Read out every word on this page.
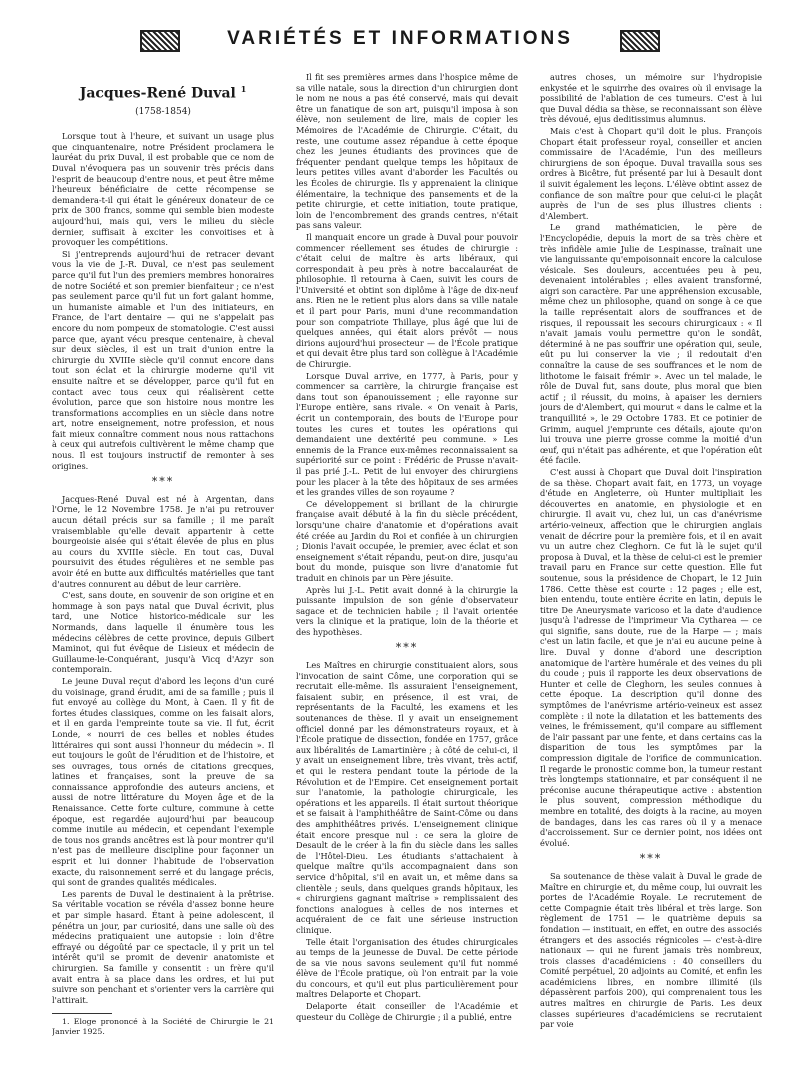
VARIÉTÉS ET INFORMATIONS
Jacques-René Duval $^1$
(1758-1854)

Lorsque tout à l'heure, et suivant un usage plus que cinquantenaire, notre Président proclamera le lauréat du prix Duval, il est probable que ce nom de Duval n'évoquera pas un souvenir très précis dans l'esprit de beaucoup d'entre nous, et peut être même l'heureux bénéficiaire de cette récompense se demandera-t-il qui était le généreux donateur de ce prix de 300 francs, somme qui semble bien modeste aujourd'hui, mais qui, vers le milieu du siècle dernier, suffisait à exciter les convoitises et à provoquer les compétitions.

Si j'entreprends aujourd'hui de retracer devant vous la vie de J.-R. Duval, ce n'est pas seulement parce qu'il fut l'un des premiers membres honoraires de notre Société et son premier bienfaiteur ; ce n'est pas seulement parce qu'il fut un fort galant homme, un humaniste aimable et l'un des initiateurs, en France, de l'art dentaire — qui ne s'appelait pas encore du nom pompeux de stomatologie. C'est aussi parce que, ayant vécu presque centenaire, à cheval sur deux siècles, il est un trait d'union entre la chirurgie du XVIIIe siècle qu'il connut encore dans tout son éclat et la chirurgie moderne qu'il vit ensuite naître et se développer, parce qu'il fut en contact avec tous ceux qui réalisèrent cette évolution, parce que son histoire nous montre les transformations accomplies en un siècle dans notre art, notre enseignement, notre profession, et nous fait mieux connaître comment nous nous rattachons à ceux qui autrefois cultivèrent le même champ que nous. Il est toujours instructif de remonter à ses origines.

***

Jacques-René Duval est né à Argentan, dans l'Orne, le 12 Novembre 1758. Je n'ai pu retrouver aucun détail précis sur sa famille ; il me paraît vraisemblable qu'elle devait appartenir à cette bourgeoisie aisée qui s'était élevée de plus en plus au cours du XVIIIe siècle. En tout cas, Duval poursuivit des études régulières et ne semble pas avoir été en butte aux difficultés matérielles que tant d'autres connurent au début de leur carrière.

C'est, sans doute, en souvenir de son origine et en hommage à son pays natal que Duval écrivit, plus tard, une Notice historico-médicale sur les Normands, dans laquelle il énumère tous les médecins célèbres de cette province, depuis Gilbert Maminot, qui fut évêque de Lisieux et médecin de Guillaume-le-Conquérant, jusqu'à Vicq d'Azyr son contemporain.

Le jeune Duval reçut d'abord les leçons d'un curé du voisinage, grand érudit, ami de sa famille ; puis il fut envoyé au collège du Mont, à Caen. Il y fit de fortes études classiques, comme on les faisait alors, et il en garda l'empreinte toute sa vie. Il fut, écrit Londe, « nourri de ces belles et nobles études littéraires qui sont aussi l'honneur du médecin ». Il eut toujours le goût de l'érudition et de l'histoire, et ses ouvrages, tous ornés de citations grecques, latines et françaises, sont la preuve de sa connaissance approfondie des auteurs anciens, et aussi de notre littérature du Moyen âge et de la Renaissance. Cette forte culture, commune à cette époque, est regardée aujourd'hui par beaucoup comme inutile au médecin, et cependant l'exemple de tous nos grands ancêtres est là pour montrer qu'il n'est pas de meilleure discipline pour façonner un esprit et lui donner l'habitude de l'observation exacte, du raisonnement serré et du langage précis, qui sont de grandes qualités médicales.

Les parents de Duval le destinaient à la prêtrise. Sa véritable vocation se révéla d'assez bonne heure et par simple hasard. Étant à peine adolescent, il pénétra un jour, par curiosité, dans une salle où des médecins pratiquaient une autopsie : loin d'être effrayé ou dégoûté par ce spectacle, il y prit un tel intérêt qu'il se promit de devenir anatomiste et chirurgien. Sa famille y consentit : un frère qu'il avait entra à sa place dans les ordres, et lui put suivre son penchant et s'orienter vers la carrière qui l'attirait.

1. Eloge prononcé à la Société de Chirurgie le 21 Janvier 1925.

Il fit ses premières armes dans l'hospice même de sa ville natale, sous la direction d'un chirurgien dont le nom ne nous a pas été conservé, mais qui devait être un fanatique de son art, puisqu'il imposa à son élève, non seulement de lire, mais de copier les Mémoires de l'Académie de Chirurgie. C'était, du reste, une coutume assez répandue à cette époque chez les jeunes étudiants des provinces que de fréquenter pendant quelque temps les hôpitaux de leurs petites villes avant d'aborder les Facultés ou les Écoles de chirurgie. Ils y apprenaient la clinique élémentaire, la technique des pansements et de la petite chirurgie, et cette initiation, toute pratique, loin de l'encombrement des grands centres, n'était pas sans valeur.

Il manquait encore un grade à Duval pour pouvoir commencer réellement ses études de chirurgie : c'était celui de maître ès arts libéraux, qui correspondait à peu près à notre baccalauréat de philosophie. Il retourna à Caen, suivit les cours de l'Université et obtint son diplôme à l'âge de dix-neuf ans. Rien ne le retient plus alors dans sa ville natale et il part pour Paris, muni d'une recommandation pour son compatriote Thillaye, plus âgé que lui de quelques années, qui était alors prévôt — nous dirions aujourd'hui prosecteur — de l'École pratique et qui devait être plus tard son collègue à l'Académie de Chirurgie.

Lorsque Duval arrive, en 1777, à Paris, pour y commencer sa carrière, la chirurgie française est dans tout son épanouissement ; elle rayonne sur l'Europe entière, sans rivale. « On venait à Paris, écrit un contemporain, des bouts de l'Europe pour toutes les cures et toutes les opérations qui demandaient une dextérité peu commune. » Les ennemis de la France eux-mêmes reconnaissaient sa supériorité sur ce point : Frédéric de Prusse n'avait-il pas prié J.-L. Petit de lui envoyer des chirurgiens pour les placer à la tête des hôpitaux de ses armées et les grandes villes de son royaume ?

Ce développement si brillant de la chirurgie française avait débuté à la fin du siècle précédent, lorsqu'une chaire d'anatomie et d'opérations avait été créée au Jardin du Roi et confiée à un chirurgien ; Dionis l'avait occupée, le premier, avec éclat et son enseignement s'était répandu, peut-on dire, jusqu'au bout du monde, puisque son livre d'anatomie fut traduit en chinois par un Père jésuite.

Après lui J.-L. Petit avait donné à la chirurgie la puissante impulsion de son génie d'observateur sagace et de technicien habile ; il l'avait orientée vers la clinique et la pratique, loin de la théorie et des hypothèses.

***

Les Maîtres en chirurgie constituaient alors, sous l'invocation de saint Côme, une corporation qui se recrutait elle-même. Ils assuraient l'enseignement, faisaient subir, en présence, il est vrai, de représentants de la Faculté, les examens et les soutenances de thèse. Il y avait un enseignement officiel donné par les démonstrateurs royaux, et à l'École pratique de dissection, fondée en 1757, grâce aux libéralités de Lamartinière ; à côté de celui-ci, il y avait un enseignement libre, très vivant, très actif, et qui le restera pendant toute la période de la Révolution et de l'Empire. Cet enseignement portait sur l'anatomie, la pathologie chirurgicale, les opérations et les appareils. Il était surtout théorique et se faisait à l'amphithéâtre de Saint-Côme ou dans des amphithéâtres privés. L'enseignement clinique était encore presque nul : ce sera la gloire de Desault de le créer à la fin du siècle dans les salles de l'Hôtel-Dieu. Les étudiants s'attachaient à quelque maître qu'ils accompagnaient dans son service d'hôpital, s'il en avait un, et même dans sa clientèle ; seuls, dans quelques grands hôpitaux, les « chirurgiens gagnant maîtrise » remplissaient des fonctions analogues à celles de nos internes et acquéraient de ce fait une sérieuse instruction clinique.

Telle était l'organisation des études chirurgicales au temps de la jeunesse de Duval. De cette période de sa vie nous savons seulement qu'il fut nommé élève de l'École pratique, où l'on entrait par la voie du concours, et qu'il eut plus particulièrement pour maîtres Delaporte et Chopart.

Delaporte était conseiller de l'Académie et questeur du Collège de Chirurgie ; il a publié, entre

autres choses, un mémoire sur l'hydropisie enkystée et le squirrhe des ovaires où il envisage la possibilité de l'ablation de ces tumeurs. C'est à lui que Duval dédia sa thèse, se reconnaissant son élève très dévoué, ejus deditissimus alumnus.

Mais c'est à Chopart qu'il doit le plus. François Chopart était professeur royal, conseiller et ancien commissaire de l'Académie, l'un des meilleurs chirurgiens de son époque. Duval travailla sous ses ordres à Bicêtre, fut présenté par lui à Desault dont il suivit également les leçons. L'élève obtint assez de confiance de son maître pour que celui-ci le plaçât auprès de l'un de ses plus illustres clients : d'Alembert.

Le grand mathématicien, le père de l'Encyclopédie, depuis la mort de sa très chère et très infidèle amie Julie de Lespinasse, traînait une vie languissante qu'empoisonnait encore la calculose vésicale. Ses douleurs, accentuées peu à peu, devenaient intolérables ; elles avaient transformé, aigri son caractère. Par une appréhension excusable, même chez un philosophe, quand on songe à ce que la taille représentait alors de souffrances et de risques, il repoussait les secours chirurgicaux : « Il n'avait jamais voulu permettre qu'on le sondât, déterminé à ne pas souffrir une opération qui, seule, eût pu lui conserver la vie ; il redoutait d'en connaître la cause de ses souffrances et le nom de lithotome le faisait frémir ». Avec un tel malade, le rôle de Duval fut, sans doute, plus moral que bien actif ; il réussit, du moins, à apaiser les derniers jours de d'Alembert, qui mourut « dans le calme et la tranquillité », le 29 Octobre 1783. Et ce potinier de Grimm, auquel j'emprunte ces détails, ajoute qu'on lui trouva une pierre grosse comme la moitié d'un œuf, qui n'était pas adhérente, et que l'opération eût été facile.

C'est aussi à Chopart que Duval doit l'inspiration de sa thèse. Chopart avait fait, en 1773, un voyage d'étude en Angleterre, où Hunter multipliait les découvertes en anatomie, en physiologie et en chirurgie. Il avait vu, chez lui, un cas d'anévrisme artério-veineux, affection que le chirurgien anglais venait de décrire pour la première fois, et il en avait vu un autre chez Cleghorn. Ce fut là le sujet qu'il proposa à Duval, et la thèse de celui-ci est le premier travail paru en France sur cette question. Elle fut soutenue, sous la présidence de Chopart, le 12 Juin 1786. Cette thèse est courte : 12 pages ; elle est, bien entendu, toute entière écrite en latin, depuis le titre De Aneurysmate varicoso et la date d'audience jusqu'à l'adresse de l'imprimeur Via Cytharea — ce qui signifie, sans doute, rue de la Harpe — ; mais c'est un latin facile, et que je n'ai eu aucune peine à lire. Duval y donne d'abord une description anatomique de l'artère humérale et des veines du pli du coude ; puis il rapporte les deux observations de Hunter et celle de Cleghorn, les seules connues à cette époque. La description qu'il donne des symptômes de l'anévrisme artério-veineux est assez complète : il note la dilatation et les battements des veines, le frémissement, qu'il compare au sifflement de l'air passant par une fente, et dans certains cas la disparition de tous les symptômes par la compression digitale de l'orifice de communication. Il regarde le pronostic comme bon, la tumeur restant très longtemps stationnaire, et par conséquent il ne préconise aucune thérapeutique active : abstention le plus souvent, compression méthodique du membre en totalité, des doigts à la racine, au moyen de bandages, dans les cas rares où il y a menace d'accroissement. Sur ce dernier point, nos idées ont évolué.

***

Sa soutenance de thèse valait à Duval le grade de Maître en chirurgie et, du même coup, lui ouvrait les portes de l'Académie Royale. Le recrutement de cette Compagnie était très libéral et très large. Son règlement de 1751 — le quatrième depuis sa fondation — instituait, en effet, en outre des associés étrangers et des associés régnicoles — c'est-à-dire nationaux — qui ne furent jamais très nombreux, trois classes d'académiciens : 40 conseillers du Comité perpétuel, 20 adjoints au Comité, et enfin les académiciens libres, en nombre illimité (ils dépassèrent parfois 200), qui comprenaient tous les autres maîtres en chirurgie de Paris. Les deux classes supérieures d'académiciens se recrutaient par voie
